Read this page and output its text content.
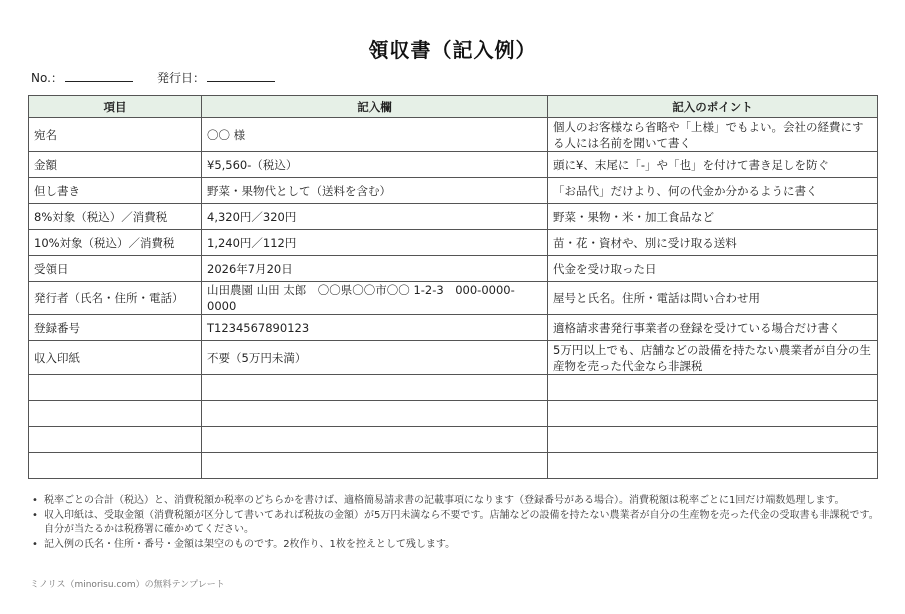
領収書（記入例）
No.：	発行日：
項目	記入欄	記入のポイント
宛名	〇〇 様	個人のお客様なら省略や「上様」でもよい。会社の経費にする人には名前を聞いて書く
金額	¥5,560-（税込）	頭に¥、末尾に「-」や「也」を付けて書き足しを防ぐ
但し書き	野菜・果物代として（送料を含む）	「お品代」だけより、何の代金か分かるように書く
8%対象（税込）／消費税	4,320円／320円	野菜・果物・米・加工食品など
10%対象（税込）／消費税	1,240円／112円	苗・花・資材や、別に受け取る送料
受領日	2026年7月20日	代金を受け取った日
発行者（氏名・住所・電話）	山田農園 山田 太郎　〇〇県〇〇市〇〇 1-2-3　000-0000-0000	屋号と氏名。住所・電話は問い合わせ用
登録番号	T1234567890123	適格請求書発行事業者の登録を受けている場合だけ書く
収入印紙	不要（5万円未満）	5万円以上でも、店舗などの設備を持たない農業者が自分の生産物を売った代金なら非課税

• 税率ごとの合計（税込）と、消費税額か税率のどちらかを書けば、適格簡易請求書の記載事項になります（登録番号がある場合）。消費税額は税率ごとに1回だけ端数処理します。
• 収入印紙は、受取金額（消費税額が区分して書いてあれば税抜の金額）が5万円未満なら不要です。店舗などの設備を持たない農業者が自分の生産物を売った代金の受取書も非課税です。自分が当たるかは税務署に確かめてください。
• 記入例の氏名・住所・番号・金額は架空のものです。2枚作り、1枚を控えとして残します。
ミノリス（minorisu.com）の無料テンプレート
